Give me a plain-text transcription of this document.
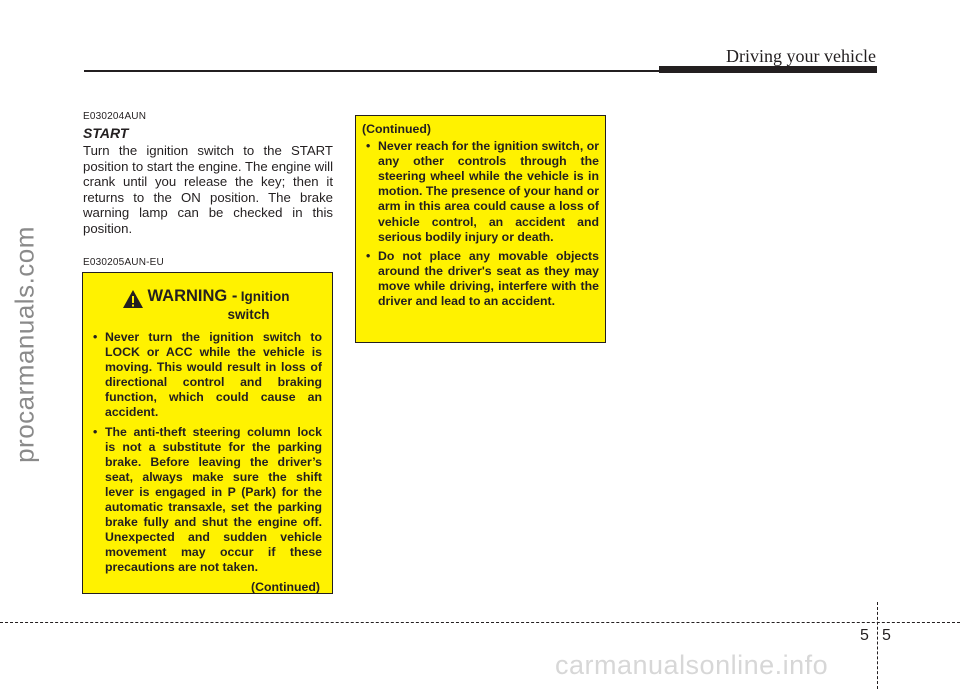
Driving your vehicle
E030204AUN
START
Turn the ignition switch to the START position to start the engine. The engine will crank until you release the key; then it returns to the ON position. The brake warning lamp can be checked in this position.
E030205AUN-EU
WARNING - Ignition
switch
• Never turn the ignition switch to LOCK or ACC while the vehicle is moving. This would result in loss of directional control and braking function, which could cause an accident.
• The anti-theft steering column lock is not a substitute for the parking brake. Before leaving the driver’s seat, always make sure the shift lever is engaged in P (Park) for the automatic transaxle, set the parking brake fully and shut the engine off. Unexpected and sudden vehicle movement may occur if these precautions are not taken.
(Continued)
(Continued)
• Never reach for the ignition switch, or any other controls through the steering wheel while the vehicle is in motion. The presence of your hand or arm in this area could cause a loss of vehicle control, an accident and serious bodily injury or death.
• Do not place any movable objects around the driver's seat as they may move while driving, interfere with the driver and lead to an accident.
5 5
procarmanuals.com
carmanualsonline.info
